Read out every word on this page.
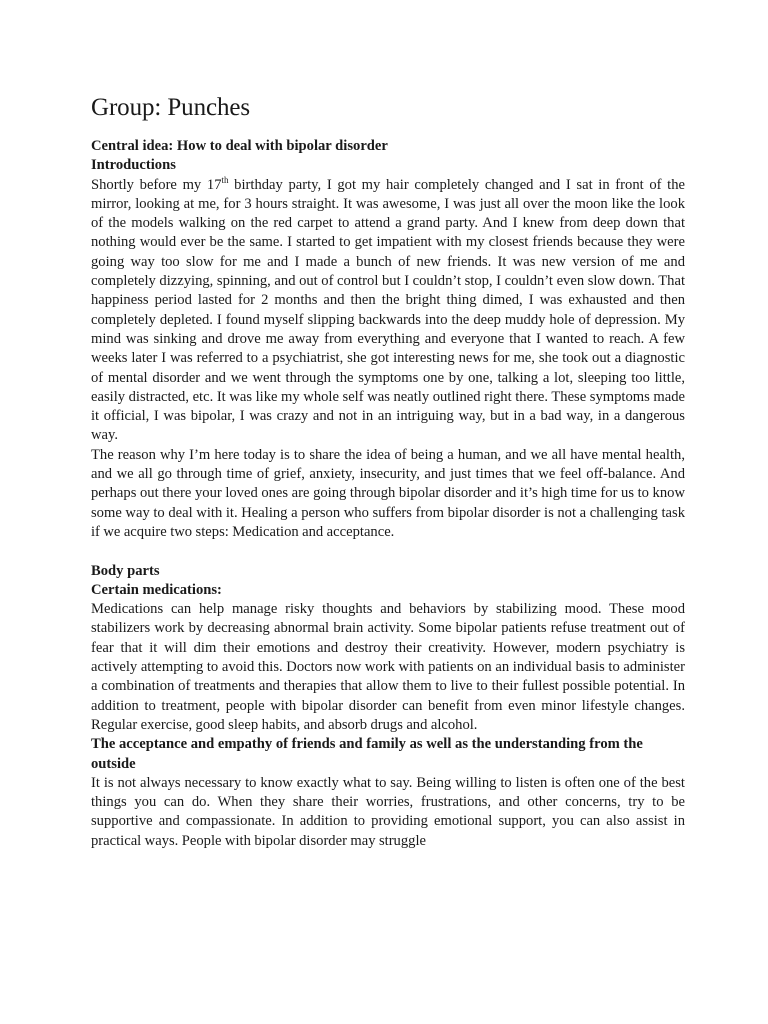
Group: Punches

Central idea: How to deal with bipolar disorder

Introductions

Shortly before my 17th birthday party, I got my hair completely changed and I sat in front of the mirror, looking at me, for 3 hours straight. It was awesome, I was just all over the moon like the look of the models walking on the red carpet to attend a grand party. And I knew from deep down that nothing would ever be the same. I started to get impatient with my closest friends because they were going way too slow for me and I made a bunch of new friends. It was new version of me and completely dizzying, spinning, and out of control but I couldn’t stop, I couldn’t even slow down. That happiness period lasted for 2 months and then the bright thing dimed, I was exhausted and then completely depleted. I found myself slipping backwards into the deep muddy hole of depression. My mind was sinking and drove me away from everything and everyone that I wanted to reach. A few weeks later I was referred to a psychiatrist, she got interesting news for me, she took out a diagnostic of mental disorder and we went through the symptoms one by one, talking a lot, sleeping too little, easily distracted, etc. It was like my whole self was neatly outlined right there. These symptoms made it official, I was bipolar, I was crazy and not in an intriguing way, but in a bad way, in a dangerous way.

The reason why I’m here today is to share the idea of being a human, and we all have mental health, and we all go through time of grief, anxiety, insecurity, and just times that we feel off-balance. And perhaps out there your loved ones are going through bipolar disorder and it’s high time for us to know some way to deal with it. Healing a person who suffers from bipolar disorder is not a challenging task if we acquire two steps: Medication and acceptance.

Body parts

Certain medications:

Medications can help manage risky thoughts and behaviors by stabilizing mood. These mood stabilizers work by decreasing abnormal brain activity. Some bipolar patients refuse treatment out of fear that it will dim their emotions and destroy their creativity. However, modern psychiatry is actively attempting to avoid this. Doctors now work with patients on an individual basis to administer a combination of treatments and therapies that allow them to live to their fullest possible potential. In addition to treatment, people with bipolar disorder can benefit from even minor lifestyle changes. Regular exercise, good sleep habits, and absorb drugs and alcohol.

The acceptance and empathy of friends and family as well as the understanding from the outside

It is not always necessary to know exactly what to say. Being willing to listen is often one of the best things you can do. When they share their worries, frustrations, and other concerns, try to be supportive and compassionate. In addition to providing emotional support, you can also assist in practical ways. People with bipolar disorder may struggle
